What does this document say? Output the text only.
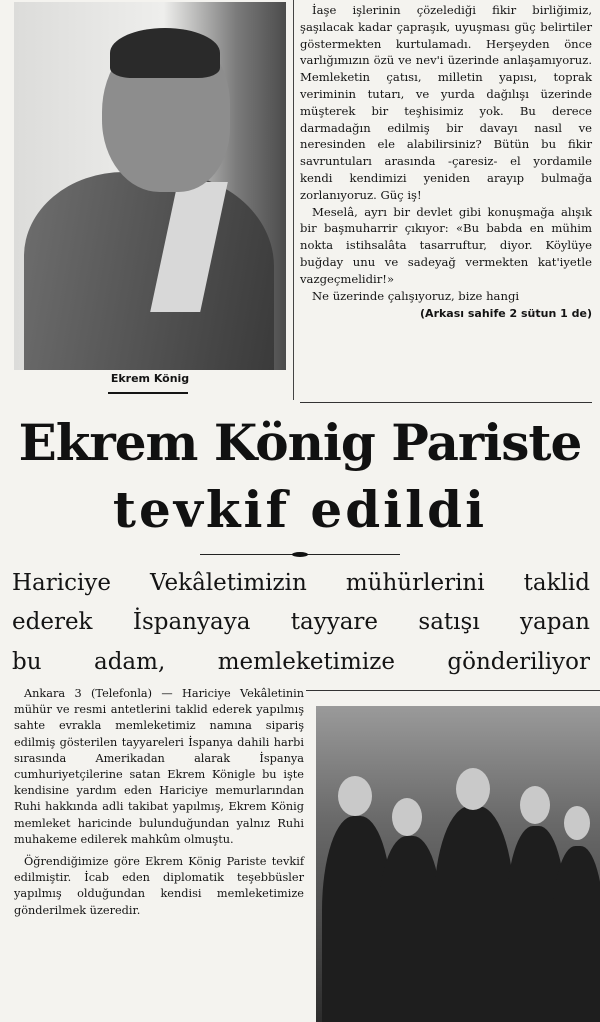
Ekrem König

İaşe işlerinin çözelediği fikir birliğimiz, şaşılacak kadar çapraşık, uyuşması güç belirtiler göstermekten kurtulamadı. Herşeyden önce varlığımızın özü ve nev'i üzerinde anlaşamıyoruz. Memleketin çatısı, milletin yapısı, toprak veriminin tutarı, ve yurda dağılışı üzerinde müşterek bir teşhisimiz yok. Bu derece darmadağın edilmiş bir davayı nasıl ve neresinden ele alabilirsiniz? Bütün bu fikir savruntuları arasında -çaresiz- el yordamile kendi kendimizi yeniden arayıp bulmağa zorlanıyoruz. Güç iş!

Meselâ, ayrı bir devlet gibi konuşmağa alışık bir başmuharrir çıkıyor: «Bu babda en mühim nokta istihsalâta tasarruftur, diyor. Köylüye buğday unu ve sadeyağ vermekten kat'iyetle vazgeçmelidir!»

Ne üzerinde çalışıyoruz, bize hangi

(Arkası sahife 2 sütun 1 de)
Ekrem König Pariste
tevkif edildi
Hariciye Vekâletimizin mühürlerini taklid
ederek İspanyaya tayyare satışı yapan
bu adam, memleketimize gönderiliyor

Ankara 3 (Telefonla) — Hariciye Vekâletinin mühür ve resmi antetlerini taklid ederek yapılmış sahte evrakla memleketimiz namına sipariş edilmiş gösterilen tayyareleri İspanya dahili harbi sırasında Amerikadan alarak İspanya cumhuriyetçilerine satan Ekrem Königle bu işte kendisine yardım eden Hariciye memurlarından Ruhi hakkında adli takibat yapılmış, Ekrem König memleket haricinde bulunduğundan yalnız Ruhi muhakeme edilerek mahkûm olmuştu.

Öğrendiğimize göre Ekrem König Pariste tevkif edilmiştir. İcab eden diplomatik teşebbüsler yapılmış olduğundan kendisi memleketimize gönderilmek üzeredir.
